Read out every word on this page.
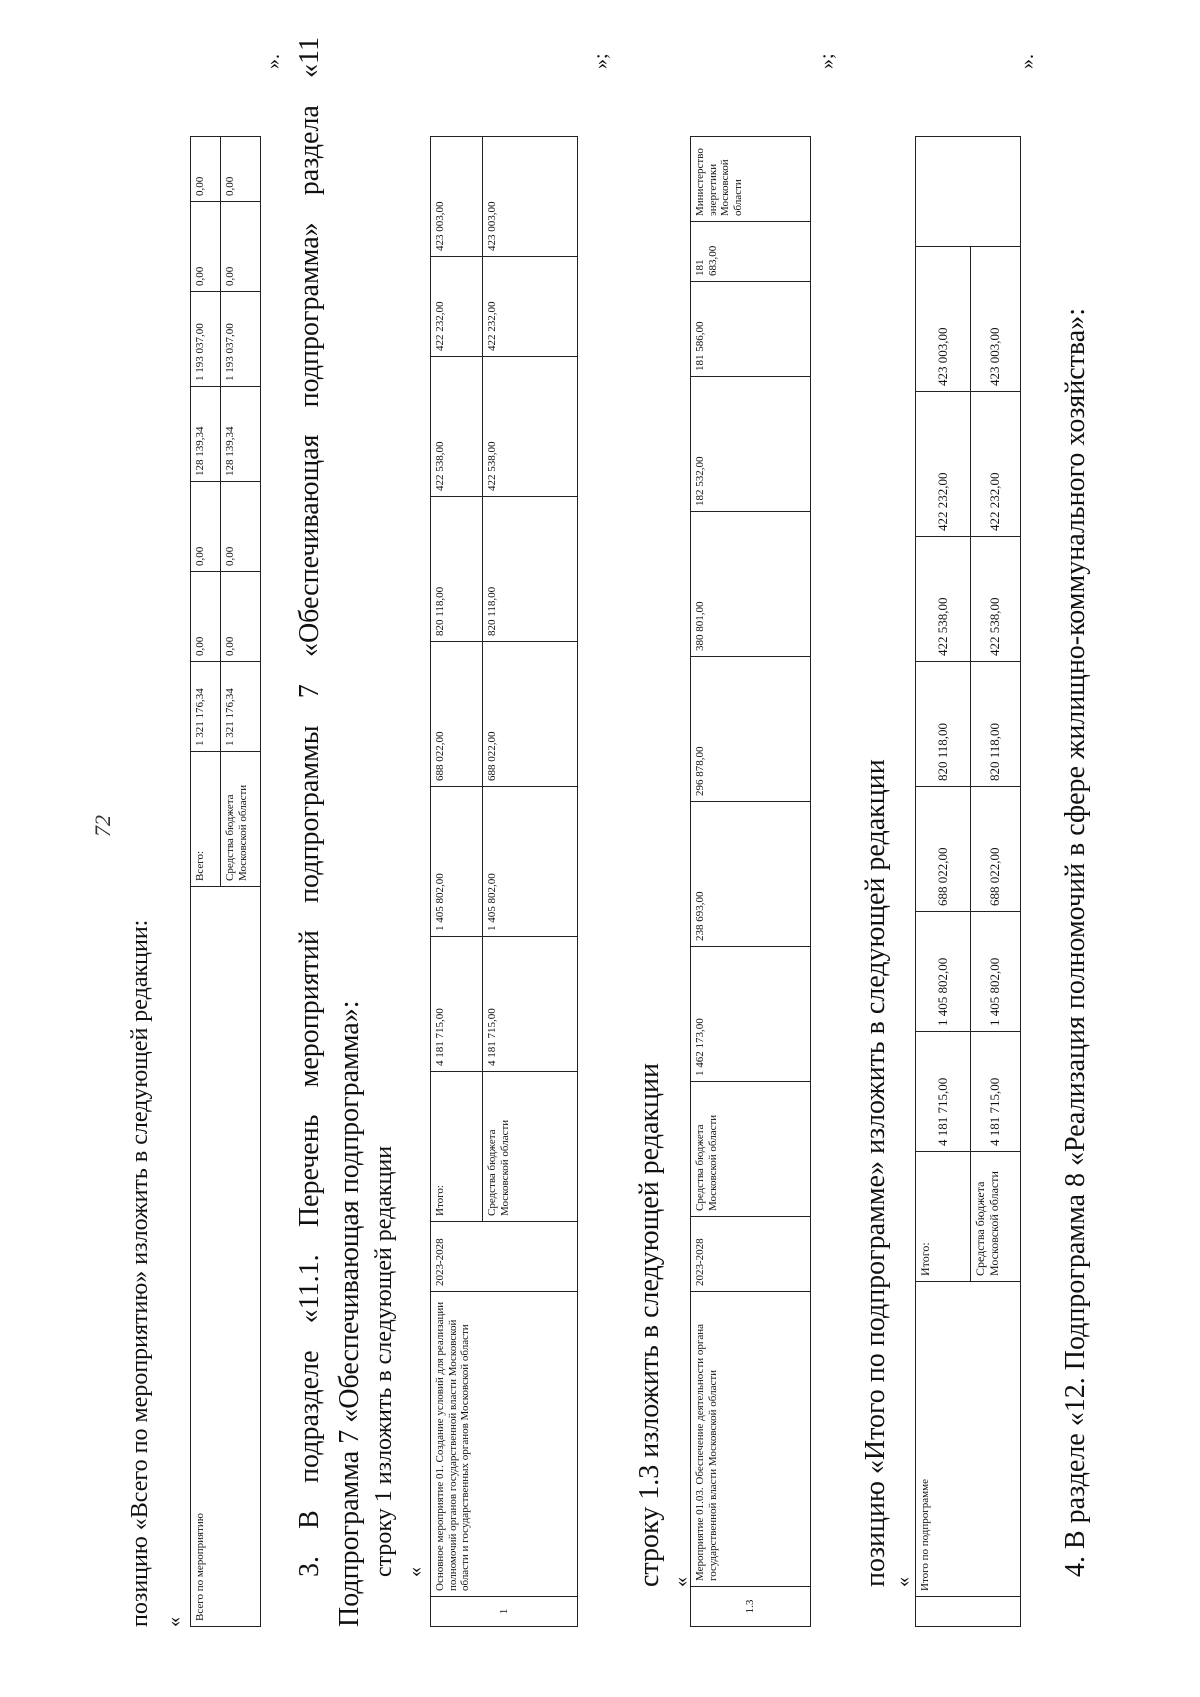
72
позицию «Всего по мероприятию» изложить в следующей редакции: «
Всего по мероприятию	Всего:	1 321 176,34	0,00	0,00	128 139,34	1 193 037,00	0,00	0,00
	Средства бюджета Московской области	1 321 176,34	0,00	0,00	128 139,34	1 193 037,00	0,00	0,00
».
3.
В
подразделе
«11.1.
Перечень
мероприятий
подпрограммы
7
«Обеспечивающая
подпрограмма»
раздела
«11
Подпрограмма 7 «Обеспечивающая подпрограмма»: строку 1 изложить в следующей редакции «
1	Основное мероприятие 01. Создание условий для реализации полномочий органов государственной власти Московской области и государственных органов Московской области	2023-2028	Итого:	4 181 715,00	1 405 802,00	688 022,00	820 118,00	422 538,00	422 232,00	423 003,00
			Средства бюджета Московской области	4 181 715,00	1 405 802,00	688 022,00	820 118,00	422 538,00	422 232,00	423 003,00
»;
строку 1.3 изложить в следующей редакции «
1.3	Мероприятие 01.03. Обеспечение деятельности органа государственной власти Московской области	2023-2028	Средства бюджета Московской области	1 462 173,00	238 693,00	296 878,00	380 801,00	182 532,00	181 586,00	181 683,00	Министерство энергетики Московской области
»;
позицию «Итого по подпрограмме» изложить в следующей редакции «
	Итого по подпрограмме	Итого:	4 181 715,00	1 405 802,00	688 022,00	820 118,00	422 538,00	422 232,00	423 003,00	
		Средства бюджета Московской области	4 181 715,00	1 405 802,00	688 022,00	820 118,00	422 538,00	422 232,00	423 003,00	
».
4. В разделе «12. Подпрограмма 8 «Реализация полномочий в сфере жилищно-коммунального хозяйства»:
